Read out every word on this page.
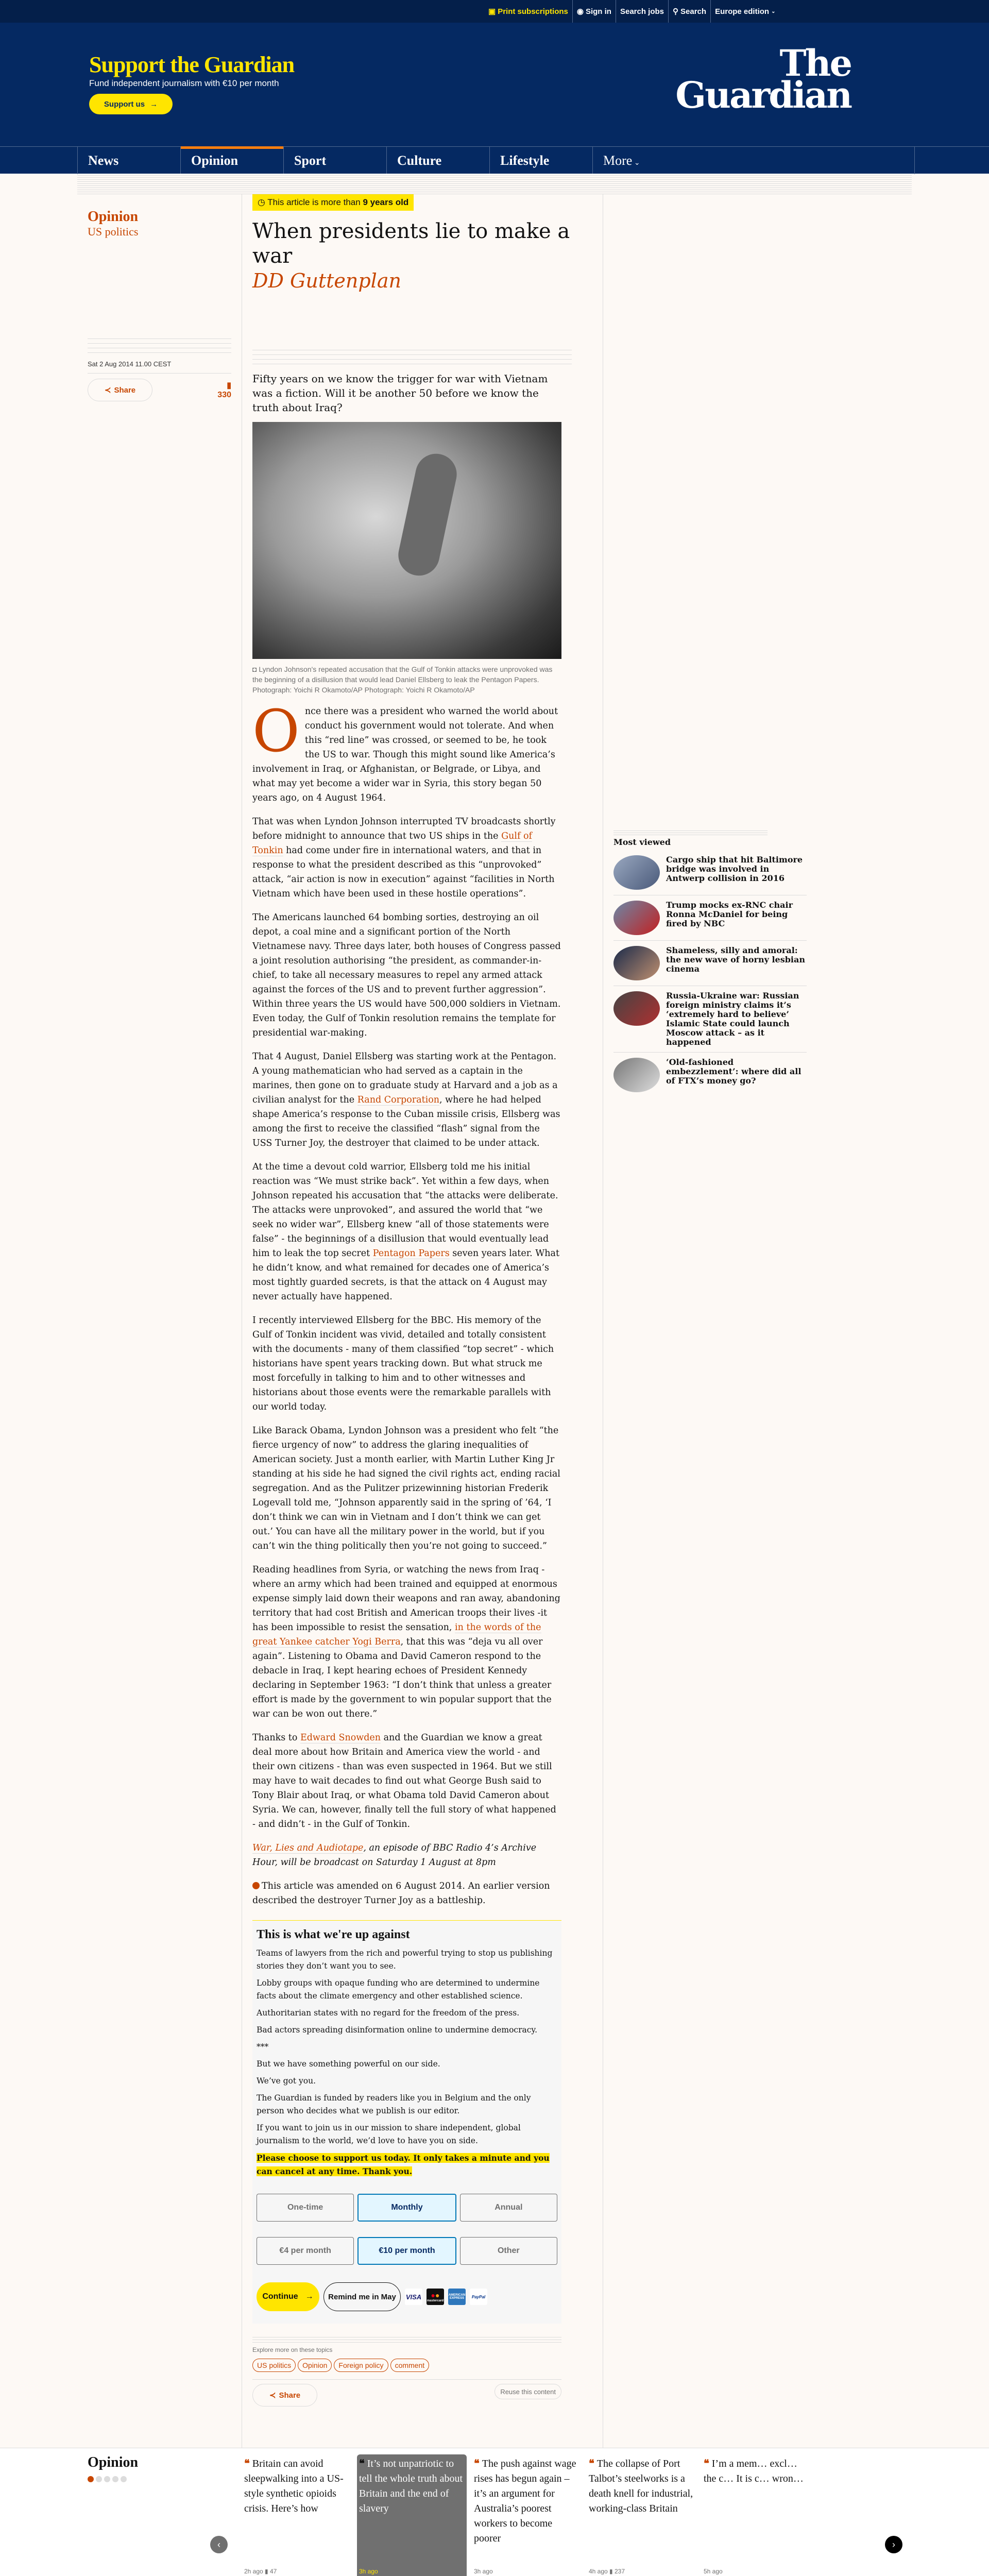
▣ Print subscriptions ◉ Sign in	Search jobs	⚲ Search Europe edition ⌄
Support the Guardian
Fund independent journalism with €10 per month
Support us →
The
Guardian
News	Opinion	Sport	Culture	Lifestyle	More ⌄
Opinion
US politics
Sat 2 Aug 2014 11.00 CEST
≺ Share	▮
330
◷ This article is more than 9 years old
When presidents lie to make a war
DD Guttenplan
Fifty years on we know the trigger for war with Vietnam was a fiction. Will it be another 50 before we know the truth about Iraq?
◘ Lyndon Johnson's repeated accusation that the Gulf of Tonkin attacks were unprovoked was the beginning of a disillusion that would lead Daniel Ellsberg to leak the Pentagon Papers. Photograph: Yoichi R Okamoto/AP Photograph: Yoichi R Okamoto/AP

Once there was a president who warned the world about conduct his government would not tolerate. And when this “red line” was crossed, or seemed to be, he took the US to war. Though this might sound like America’s involvement in Iraq, or Afghanistan, or Belgrade, or Libya, and what may yet become a wider war in Syria, this story began 50 years ago, on 4 August 1964.

That was when Lyndon Johnson interrupted TV broadcasts shortly before midnight to announce that two US ships in the Gulf of Tonkin had come under fire in international waters, and that in response to what the president described as this “unprovoked” attack, “air action is now in execution” against “facilities in North Vietnam which have been used in these hostile operations”.

The Americans launched 64 bombing sorties, destroying an oil depot, a coal mine and a significant portion of the North Vietnamese navy. Three days later, both houses of Congress passed a joint resolution authorising “the president, as commander-in-chief, to take all necessary measures to repel any armed attack against the forces of the US and to prevent further aggression”. Within three years the US would have 500,000 soldiers in Vietnam. Even today, the Gulf of Tonkin resolution remains the template for presidential war-making.

That 4 August, Daniel Ellsberg was starting work at the Pentagon. A young mathematician who had served as a captain in the marines, then gone on to graduate study at Harvard and a job as a civilian analyst for the Rand Corporation, where he had helped shape America’s response to the Cuban missile crisis, Ellsberg was among the first to receive the classified “flash” signal from the USS Turner Joy, the destroyer that claimed to be under attack.

At the time a devout cold warrior, Ellsberg told me his initial reaction was “We must strike back”. Yet within a few days, when Johnson repeated his accusation that “the attacks were deliberate. The attacks were unprovoked”, and assured the world that “we seek no wider war”, Ellsberg knew “all of those statements were false” - the beginnings of a disillusion that would eventually lead him to leak the top secret Pentagon Papers seven years later. What he didn’t know, and what remained for decades one of America’s most tightly guarded secrets, is that the attack on 4 August may never actually have happened.

I recently interviewed Ellsberg for the BBC. His memory of the Gulf of Tonkin incident was vivid, detailed and totally consistent with the documents - many of them classified “top secret” - which historians have spent years tracking down. But what struck me most forcefully in talking to him and to other witnesses and historians about those events were the remarkable parallels with our world today.

Like Barack Obama, Lyndon Johnson was a president who felt “the fierce urgency of now” to address the glaring inequalities of American society. Just a month earlier, with Martin Luther King Jr standing at his side he had signed the civil rights act, ending racial segregation. And as the Pulitzer prizewinning historian Frederik Logevall told me, “Johnson apparently said in the spring of ’64, ‘I don’t think we can win in Vietnam and I don’t think we can get out.’ You can have all the military power in the world, but if you can’t win the thing politically then you’re not going to succeed.”

Reading headlines from Syria, or watching the news from Iraq - where an army which had been trained and equipped at enormous expense simply laid down their weapons and ran away, abandoning territory that had cost British and American troops their lives -it has been impossible to resist the sensation, in the words of the great Yankee catcher Yogi Berra, that this was “deja vu all over again”. Listening to Obama and David Cameron respond to the debacle in Iraq, I kept hearing echoes of President Kennedy declaring in September 1963: “I don’t think that unless a greater effort is made by the government to win popular support that the war can be won out there.”

Thanks to Edward Snowden and the Guardian we know a great deal more about how Britain and America view the world - and their own citizens - than was even suspected in 1964. But we still may have to wait decades to find out what George Bush said to Tony Blair about Iraq, or what Obama told David Cameron about Syria. We can, however, finally tell the full story of what happened - and didn’t - in the Gulf of Tonkin.

War, Lies and Audiotape, an episode of BBC Radio 4’s Archive Hour, will be broadcast on Saturday 1 August at 8pm

This article was amended on 6 August 2014. An earlier version described the destroyer Turner Joy as a battleship.

This is what we're up against

Teams of lawyers from the rich and powerful trying to stop us publishing stories they don’t want you to see.

Lobby groups with opaque funding who are determined to undermine facts about the climate emergency and other established science.

Authoritarian states with no regard for the freedom of the press.

Bad actors spreading disinformation online to undermine democracy.

***

But we have something powerful on our side.

We’ve got you.

The Guardian is funded by readers like you in Belgium and the only person who decides what we publish is our editor.

If you want to join us in our mission to share independent, global journalism to the world, we’d love to have you on side.

Please choose to support us today. It only takes a minute and you can cancel at any time. Thank you.

One-time	Monthly	Annual
€4 per month	€10 per month	Other
Continue →	Remind me in May	VISA ●●
mastercard
AMERICAN EXPRESS	PayPal
Explore more on these topics
US politics	Opinion	Foreign policy	comment
≺ Share	Reuse this content
Most viewed
Cargo ship that hit Baltimore bridge was involved in Antwerp collision in 2016
Trump mocks ex-RNC chair Ronna McDaniel for being fired by NBC
Shameless, silly and amoral: the new wave of horny lesbian cinema
Russia-Ukraine war: Russian foreign ministry claims it’s ‘extremely hard to believe’ Islamic State could launch Moscow attack – as it happened
‘Old-fashioned embezzlement’: where did all of FTX’s money go?
Opinion	❝ Britain can avoid sleepwalking into a US-style synthetic opioids crisis. Here’s how
2h ago ▮ 47
❝ It’s not unpatriotic to tell the whole truth about Britain and the end of slavery
3h ago
❝ The push against wage rises has begun again – it’s an argument for Australia’s poorest workers to become poorer
3h ago
❝ The collapse of Port Talbot’s steelworks is a death knell for industrial, working-class Britain
4h ago ▮ 237
❝ I’m a mem… excl… the c… It is c… wron…
5h ago
‹	›
